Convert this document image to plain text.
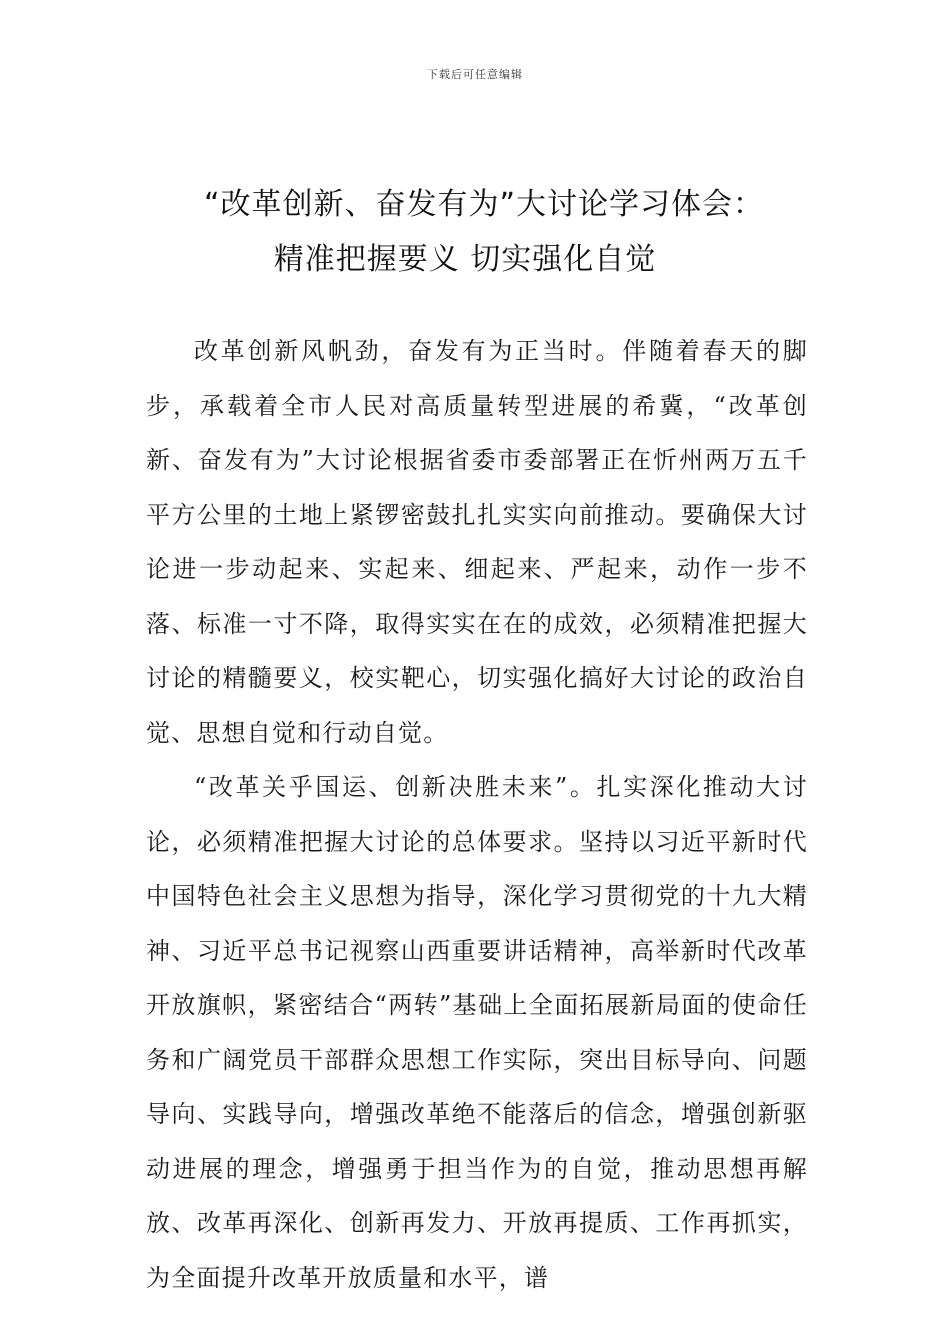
下载后可任意编辑
“改革创新、奋发有为”大讨论学习体会：
精准把握要义 切实强化自觉

改革创新风帆劲，奋发有为正当时。伴随着春天的脚步，承载着全市人民对高质量转型进展的希冀，“改革创新、奋发有为”大讨论根据省委市委部署正在忻州两万五千平方公里的土地上紧锣密鼓扎扎实实向前推动。要确保大讨论进一步动起来、实起来、细起来、严起来，动作一步不落、标准一寸不降，取得实实在在的成效，必须精准把握大讨论的精髓要义，校实靶心，切实强化搞好大讨论的政治自觉、思想自觉和行动自觉。

“改革关乎国运、创新决胜未来”。扎实深化推动大讨论，必须精准把握大讨论的总体要求。坚持以习近平新时代中国特色社会主义思想为指导，深化学习贯彻党的十九大精神、习近平总书记视察山西重要讲话精神，高举新时代改革开放旗帜，紧密结合“两转”基础上全面拓展新局面的使命任务和广阔党员干部群众思想工作实际，突出目标导向、问题导向、实践导向，增强改革绝不能落后的信念，增强创新驱动进展的理念，增强勇于担当作为的自觉，推动思想再解放、改革再深化、创新再发力、开放再提质、工作再抓实，为全面提升改革开放质量和水平，谱
